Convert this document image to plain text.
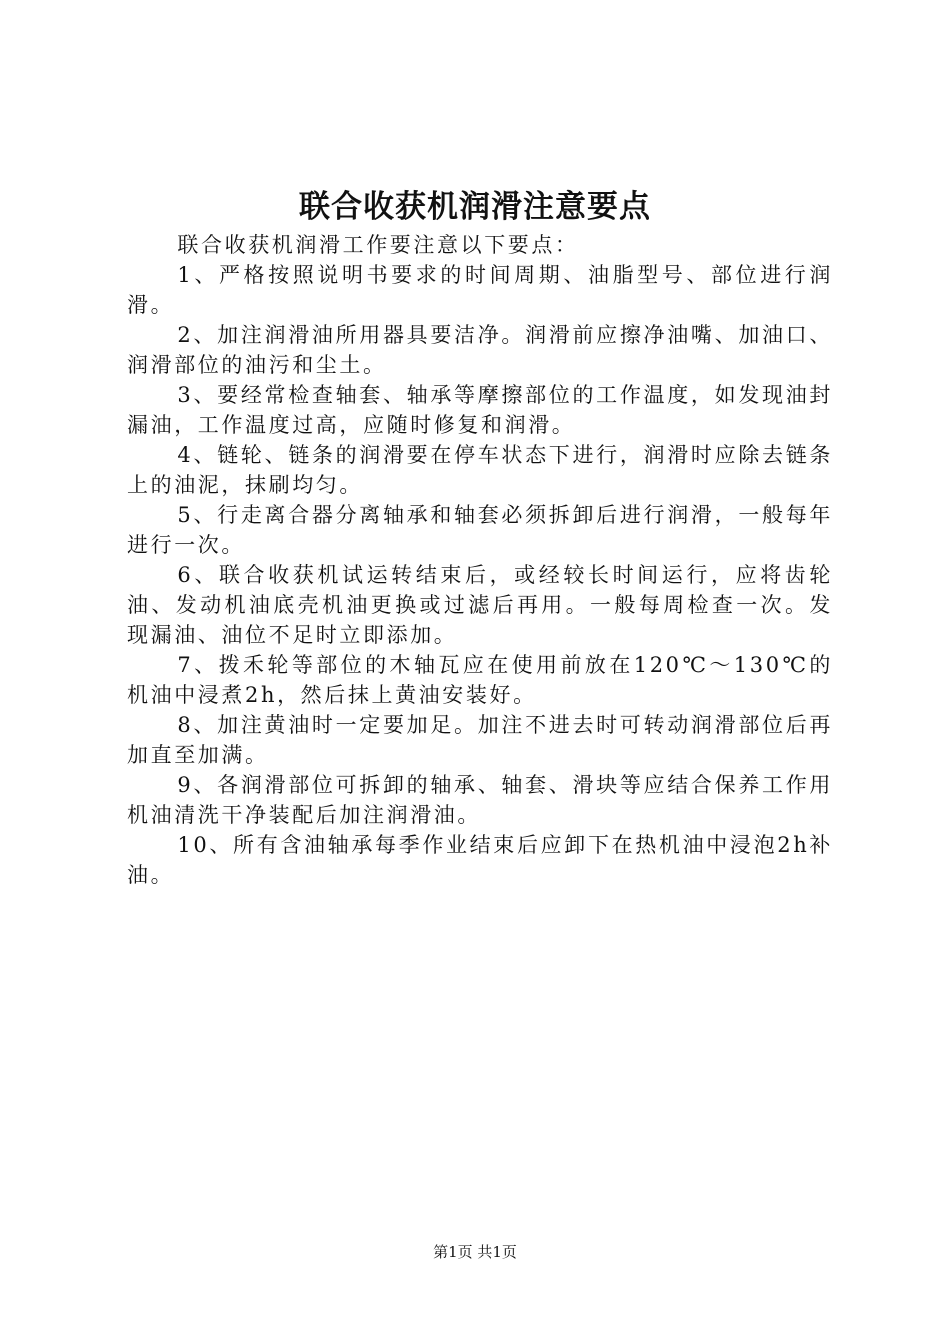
联合收获机润滑注意要点

联合收获机润滑工作要注意以下要点：

1、严格按照说明书要求的时间周期、油脂型号、部位进行润滑。

2、加注润滑油所用器具要洁净。润滑前应擦净油嘴、加油口、润滑部位的油污和尘土。

3、要经常检查轴套、轴承等摩擦部位的工作温度，如发现油封漏油，工作温度过高，应随时修复和润滑。

4、链轮、链条的润滑要在停车状态下进行，润滑时应除去链条上的油泥，抹刷均匀。

5、行走离合器分离轴承和轴套必须拆卸后进行润滑，一般每年进行一次。

6、联合收获机试运转结束后，或经较长时间运行，应将齿轮油、发动机油底壳机油更换或过滤后再用。一般每周检查一次。发现漏油、油位不足时立即添加。

7、拨禾轮等部位的木轴瓦应在使用前放在120℃～130℃的机油中浸煮2h，然后抹上黄油安装好。

8、加注黄油时一定要加足。加注不进去时可转动润滑部位后再加直至加满。

9、各润滑部位可拆卸的轴承、轴套、滑块等应结合保养工作用机油清洗干净装配后加注润滑油。

10、所有含油轴承每季作业结束后应卸下在热机油中浸泡2h补油。

第1页 共1页
